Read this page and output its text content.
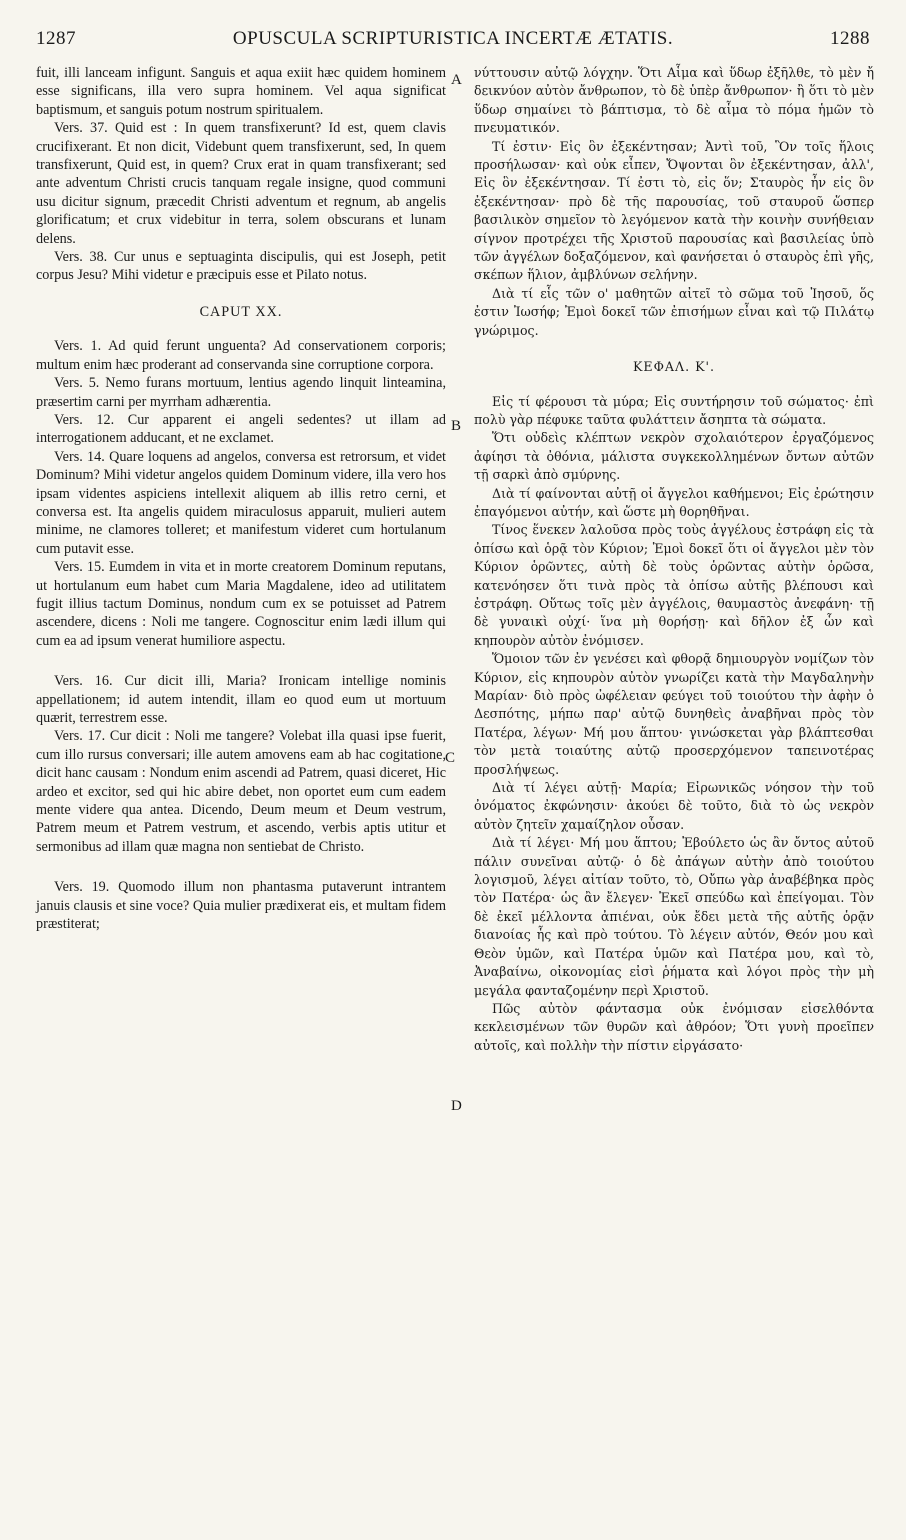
1287	OPUSCULA SCRIPTURISTICA INCERTÆ ÆTATIS.	1288
A
B
C
D

fuit, illi lanceam infigunt. Sanguis et aqua exiit hæc quidem hominem esse significans, illa vero supra hominem. Vel aqua significat baptismum, et sanguis potum nostrum spiritualem.

Vers. 37. Quid est : In quem transfixerunt? Id est, quem clavis crucifixerant. Et non dicit, Videbunt quem transfixerunt, sed, In quem transfixerunt, Quid est, in quem? Crux erat in quam transfixerant; sed ante adventum Christi crucis tanquam regale insigne, quod communi usu dicitur signum, præcedit Christi adventum et regnum, ab angelis glorificatum; et crux videbitur in terra, solem obscurans et lunam delens.

Vers. 38. Cur unus e septuaginta discipulis, qui est Joseph, petit corpus Jesu? Mihi videtur e præcipuis esse et Pilato notus.

CAPUT XX.

Vers. 1. Ad quid ferunt unguenta? Ad conservationem corporis; multum enim hæc proderant ad conservanda sine corruptione corpora.

Vers. 5. Nemo furans mortuum, lentius agendo linquit linteamina, præsertim carni per myrrham adhærentia.

Vers. 12. Cur apparent ei angeli sedentes? ut illam ad interrogationem adducant, et ne exclamet.

Vers. 14. Quare loquens ad angelos, conversa est retrorsum, et videt Dominum? Mihi videtur angelos quidem Dominum videre, illa vero hos ipsam videntes aspiciens intellexit aliquem ab illis retro cerni, et conversa est. Ita angelis quidem miraculosus apparuit, mulieri autem minime, ne clamores tolleret; et manifestum videret cum hortulanum cum putavit esse.

Vers. 15. Eumdem in vita et in morte creatorem Dominum reputans, ut hortulanum eum habet cum Maria Magdalene, ideo ad utilitatem fugit illius tactum Dominus, nondum cum ex se potuisset ad Patrem ascendere, dicens : Noli me tangere. Cognoscitur enim lædi illum qui cum ea ad ipsum venerat humiliore aspectu.

Vers. 16. Cur dicit illi, Maria? Ironicam intellige nominis appellationem; id autem intendit, illam eo quod eum ut mortuum quærit, terrestrem esse.

Vers. 17. Cur dicit : Noli me tangere? Volebat illa quasi ipse fuerit, cum illo rursus conversari; ille autem amovens eam ab hac cogitatione, dicit hanc causam : Nondum enim ascendi ad Patrem, quasi diceret, Hic ardeo et excitor, sed qui hic abire debet, non oportet eum cum eadem mente videre qua antea. Dicendo, Deum meum et Deum vestrum, Patrem meum et Patrem vestrum, et ascendo, verbis aptis utitur et sermonibus ad illam quæ magna non sentiebat de Christo.

Vers. 19. Quomodo illum non phantasma putaverunt intrantem januis clausis et sine voce? Quia mulier prædixerat eis, et multam fidem præstiterat;

νύττουσιν αὐτῷ λόγχην. Ὅτι Αἷμα καὶ ὕδωρ ἐξῆλθε, τὸ μὲν ἤ δεικνύον αὐτὸν ἄνθρωπον, τὸ δὲ ὑπὲρ ἄνθρωπον· ἢ ὅτι τὸ μὲν ὕδωρ σημαίνει τὸ βάπτισμα, τὸ δὲ αἷμα τὸ πόμα ἡμῶν τὸ πνευματικόν.

Τί ἐστιν· Εἰς ὃν ἐξεκέντησαν; Ἀντὶ τοῦ, Ὃν τοῖς ἥλοις προσήλωσαν· καὶ οὐκ εἶπεν, Ὄψονται ὃν ἐξεκέντησαν, ἀλλ', Εἰς ὃν ἐξεκέντησαν. Τί ἐστι τὸ, εἰς ὅν; Σταυρὸς ἦν εἰς ὃν ἐξεκέντησαν· πρὸ δὲ τῆς παρουσίας, τοῦ σταυροῦ ὥσπερ βασιλικὸν σημεῖον τὸ λεγόμενον κατὰ τὴν κοινὴν συνήθειαν σίγνον προτρέχει τῆς Χριστοῦ παρουσίας καὶ βασιλείας ὑπὸ τῶν ἀγγέλων δοξαζόμενον, καὶ φανήσεται ὁ σταυρὸς ἐπὶ γῆς, σκέπων ἥλιον, ἀμβλύνων σελήνην.

Διὰ τί εἷς τῶν ο' μαθητῶν αἰτεῖ τὸ σῶμα τοῦ Ἰησοῦ, ὅς ἐστιν Ἰωσήφ; Ἐμοὶ δοκεῖ τῶν ἐπισήμων εἶναι καὶ τῷ Πιλάτῳ γνώριμος.

ΚΕΦΑΛ. Κ'.

Εἰς τί φέρουσι τὰ μύρα; Εἰς συντήρησιν τοῦ σώματος· ἐπὶ πολὺ γὰρ πέφυκε ταῦτα φυλάττειν ἄσηπτα τὰ σώματα.

Ὅτι οὐδεὶς κλέπτων νεκρὸν σχολαιότερον ἐργαζόμενος ἀφίησι τὰ ὀθόνια, μάλιστα συγκεκολλημένων ὄντων αὐτῶν τῇ σαρκὶ ἀπὸ σμύρνης.

Διὰ τί φαίνονται αὐτῇ οἱ ἄγγελοι καθήμενοι; Εἰς ἐρώτησιν ἐπαγόμενοι αὐτήν, καὶ ὥστε μὴ θορηθῆναι.

Τίνος ἕνεκεν λαλοῦσα πρὸς τοὺς ἀγγέλους ἐστράφη εἰς τὰ ὀπίσω καὶ ὁρᾷ τὸν Κύριον; Ἐμοὶ δοκεῖ ὅτι οἱ ἄγγελοι μὲν τὸν Κύριον ὁρῶντες, αὐτὴ δὲ τοὺς ὁρῶντας αὐτὴν ὁρῶσα, κατενόησεν ὅτι τινὰ πρὸς τὰ ὀπίσω αὐτῆς βλέπουσι καὶ ἐστράφη. Οὕτως τοῖς μὲν ἀγγέλοις, θαυμαστὸς ἀνεφάνη· τῇ δὲ γυναικὶ οὐχί· ἵνα μὴ θορήσῃ· καὶ δῆλον ἐξ ὧν καὶ κηπουρὸν αὐτὸν ἐνόμισεν.

Ὅμοιον τῶν ἐν γενέσει καὶ φθορᾷ δημιουργὸν νομίζων τὸν Κύριον, εἰς κηπουρὸν αὐτὸν γνωρίζει κατὰ τὴν Μαγδαληνὴν Μαρίαν· διὸ πρὸς ὠφέλειαν φεύγει τοῦ τοιούτου τὴν ἀφὴν ὁ Δεσπότης, μήπω παρ' αὐτῷ δυνηθεὶς ἀναβῆναι πρὸς τὸν Πατέρα, λέγων· Μή μου ἅπτου· γινώσκεται γὰρ βλάπτεσθαι τὸν μετὰ τοιαύτης αὐτῷ προσερχόμενον ταπεινοτέρας προσλήψεως.

Διὰ τί λέγει αὐτῇ· Μαρία; Εἰρωνικῶς νόησον τὴν τοῦ ὀνόματος ἐκφώνησιν· ἀκούει δὲ τοῦτο, διὰ τὸ ὡς νεκρὸν αὐτὸν ζητεῖν χαμαίζηλον οὖσαν.

Διὰ τί λέγει· Μή μου ἅπτου; Ἐβούλετο ὡς ἂν ὄντος αὐτοῦ πάλιν συνεῖναι αὐτῷ· ὁ δὲ ἀπάγων αὐτὴν ἀπὸ τοιούτου λογισμοῦ, λέγει αἰτίαν τοῦτο, τὸ, Οὔπω γὰρ ἀναβέβηκα πρὸς τὸν Πατέρα· ὡς ἂν ἔλεγεν· Ἐκεῖ σπεύδω καὶ ἐπείγομαι. Τὸν δὲ ἐκεῖ μέλλοντα ἀπιέναι, οὐκ ἔδει μετὰ τῆς αὐτῆς ὁρᾷν διανοίας ἧς καὶ πρὸ τούτου. Τὸ λέγειν αὐτόν, Θεόν μου καὶ Θεὸν ὑμῶν, καὶ Πατέρα ὑμῶν καὶ Πατέρα μου, καὶ τὸ, Ἀναβαίνω, οἰκονομίας εἰσὶ ῥήματα καὶ λόγοι πρὸς τὴν μὴ μεγάλα φανταζομένην περὶ Χριστοῦ.

Πῶς αὐτὸν φάντασμα οὐκ ἐνόμισαν εἰσελθόντα κεκλεισμένων τῶν θυρῶν καὶ ἀθρόον; Ὅτι γυνὴ προεῖπεν αὐτοῖς, καὶ πολλὴν τὴν πίστιν εἰργάσατο·
